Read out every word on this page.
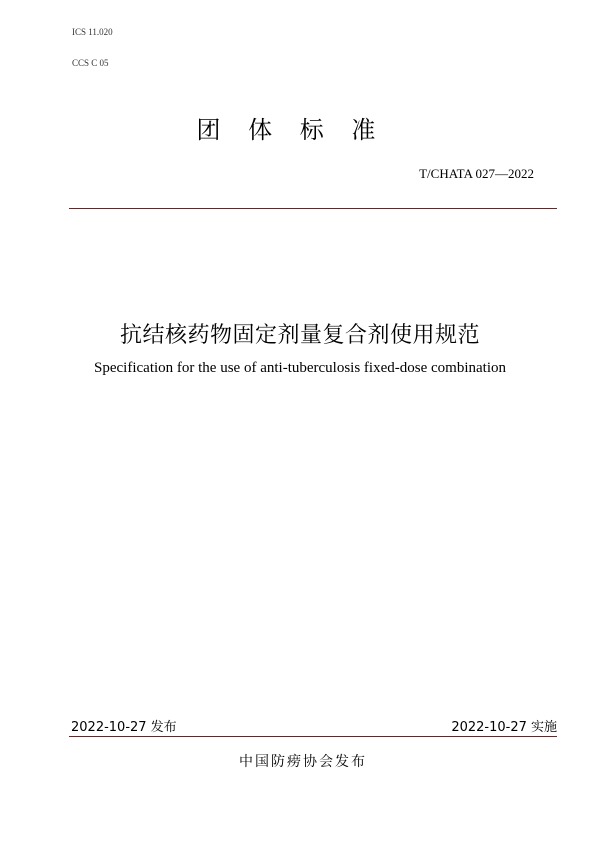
ICS 11.020
CCS C 05
团 体 标 准
T/CHATA 027—2022
抗结核药物固定剂量复合剂使用规范
Specification for the use of anti-tuberculosis fixed-dose combination
2022-10-27 发布	2022-10-27 实施
中国防痨协会发布
